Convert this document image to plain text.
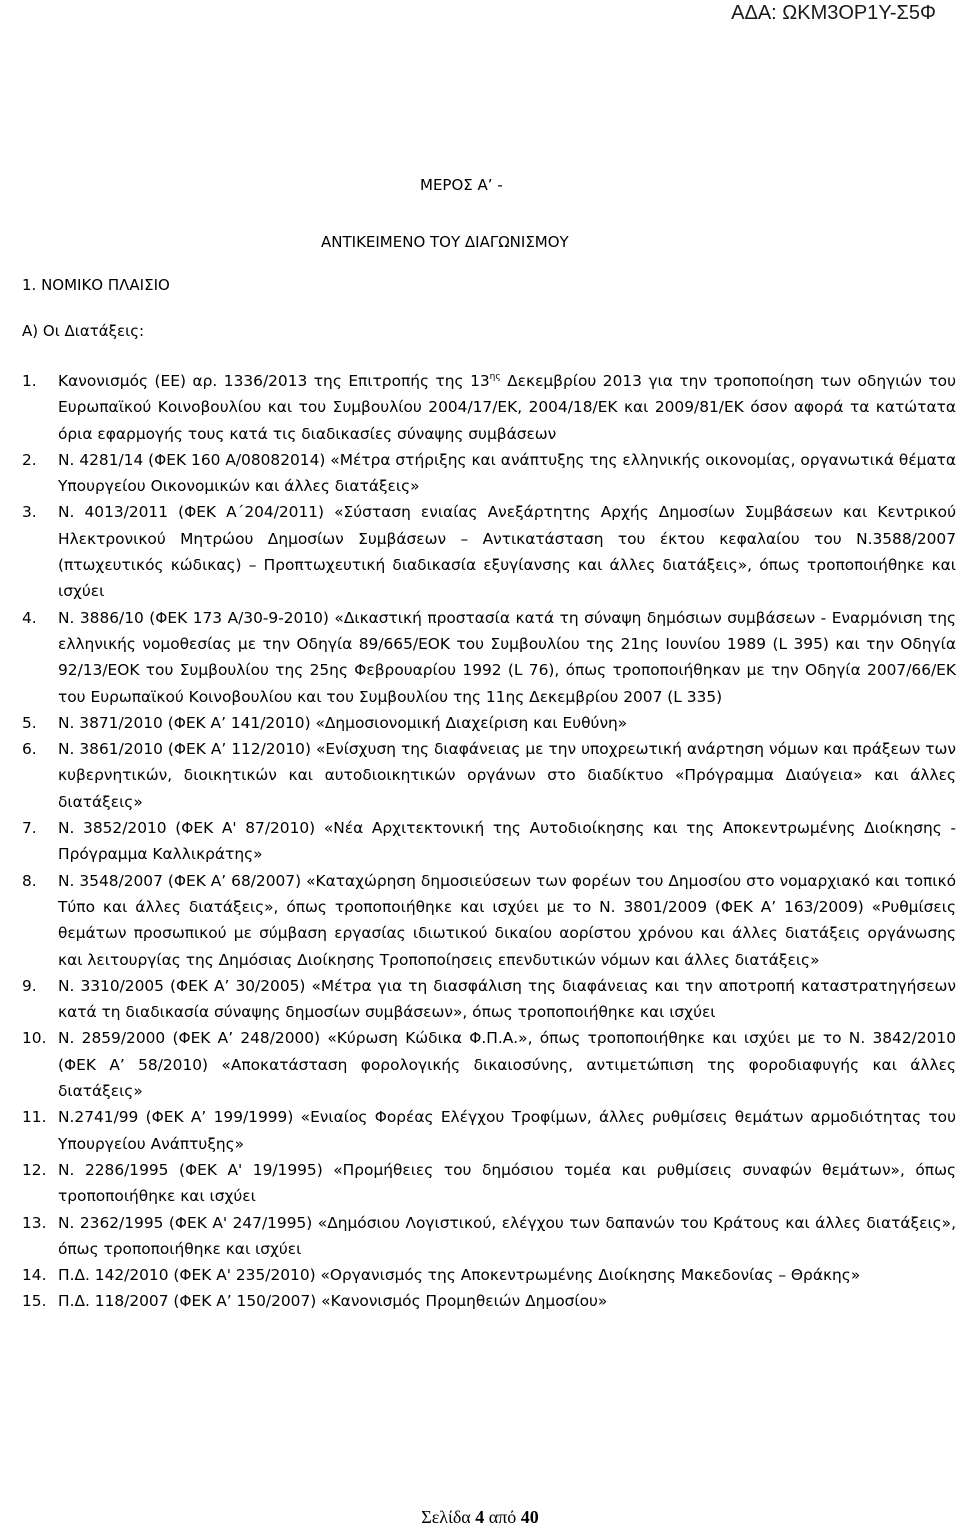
ΑΔΑ: ΩΚΜ3ΟΡ1Υ-Σ5Φ
ΜΕΡΟΣ Α’ -
ΑΝΤΙΚΕΙΜΕΝΟ ΤΟΥ ΔΙΑΓΩΝΙΣΜΟΥ
1. ΝΟΜΙΚΟ ΠΛΑΙΣΙΟ
Α) Οι Διατάξεις:
1. Κανονισμός (ΕΕ) αρ. 1336/2013 της Επιτροπής της $13^{\eta\varsigma}$ Δεκεμβρίου 2013 για την τροποποίηση των οδηγιών του Ευρωπαϊκού Κοινοβουλίου και του Συμβουλίου 2004/17/ΕΚ, 2004/18/ΕΚ και 2009/81/ΕΚ όσον αφορά τα κατώτατα όρια εφαρμογής τους κατά τις διαδικασίες σύναψης συμβάσεων
2. Ν. 4281/14 (ΦΕΚ 160 Α/08082014) «Μέτρα στήριξης και ανάπτυξης της ελληνικής οικονομίας, οργανωτικά θέματα Υπουργείου Οικονομικών και άλλες διατάξεις»
3. Ν. 4013/2011 (ΦΕΚ Α΄204/2011) «Σύσταση ενιαίας Ανεξάρτητης Αρχής Δημοσίων Συμβάσεων και Κεντρικού Ηλεκτρονικού Μητρώου Δημοσίων Συμβάσεων – Αντικατάσταση του έκτου κεφαλαίου του Ν.3588/2007 (πτωχευτικός κώδικας) – Προπτωχευτική διαδικασία εξυγίανσης και άλλες διατάξεις», όπως τροποποιήθηκε και ισχύει
4. Ν. 3886/10 (ΦΕΚ 173 Α/30-9-2010) «Δικαστική προστασία κατά τη σύναψη δημόσιων συμβάσεων - Εναρμόνιση της ελληνικής νομοθεσίας με την Οδηγία 89/665/ΕΟΚ του Συμβουλίου της 21ης Ιουνίου 1989 (L 395) και την Οδηγία 92/13/ΕΟΚ του Συμβουλίου της 25ης Φεβρουαρίου 1992 (L 76), όπως τροποποιήθηκαν με την Οδηγία 2007/66/ΕΚ του Ευρωπαϊκού Κοινοβουλίου και του Συμβουλίου της 11ης Δεκεμβρίου 2007 (L 335)
5. Ν. 3871/2010 (ΦΕΚ Α’ 141/2010) «Δημοσιονομική Διαχείριση και Ευθύνη»
6. Ν. 3861/2010 (ΦΕΚ Α’ 112/2010) «Ενίσχυση της διαφάνειας με την υποχρεωτική ανάρτηση νόμων και πράξεων των κυβερνητικών, διοικητικών και αυτοδιοικητικών οργάνων στο διαδίκτυο «Πρόγραμμα Διαύγεια» και άλλες διατάξεις»
7. Ν. 3852/2010 (ΦΕΚ Α' 87/2010) «Νέα Αρχιτεκτονική της Αυτοδιοίκησης και της Αποκεντρωμένης Διοίκησης - Πρόγραμμα Καλλικράτης»
8. Ν. 3548/2007 (ΦΕΚ Α’ 68/2007) «Καταχώρηση δημοσιεύσεων των φορέων του Δημοσίου στο νομαρχιακό και τοπικό Τύπο και άλλες διατάξεις», όπως τροποποιήθηκε και ισχύει με το Ν. 3801/2009 (ΦΕΚ Α’ 163/2009) «Ρυθμίσεις θεμάτων προσωπικού με σύμβαση εργασίας ιδιωτικού δικαίου αορίστου χρόνου και άλλες διατάξεις οργάνωσης και λειτουργίας της Δημόσιας Διοίκησης Τροποποίησεις επενδυτικών νόμων και άλλες διατάξεις»
9. Ν. 3310/2005 (ΦΕΚ Α’ 30/2005) «Μέτρα για τη διασφάλιση της διαφάνειας και την αποτροπή καταστρατηγήσεων κατά τη διαδικασία σύναψης δημοσίων συμβάσεων», όπως τροποποιήθηκε και ισχύει
10. Ν. 2859/2000 (ΦΕΚ Α’ 248/2000) «Κύρωση Κώδικα Φ.Π.Α.», όπως τροποποιήθηκε και ισχύει με το Ν. 3842/2010 (ΦΕΚ Α’ 58/2010) «Αποκατάσταση φορολογικής δικαιοσύνης, αντιμετώπιση της φοροδιαφυγής και άλλες διατάξεις»
11. Ν.2741/99 (ΦΕΚ Α’ 199/1999) «Ενιαίος Φορέας Ελέγχου Τροφίμων, άλλες ρυθμίσεις θεμάτων αρμοδιότητας του Υπουργείου Ανάπτυξης»
12. Ν. 2286/1995 (ΦΕΚ Α' 19/1995) «Προμήθειες του δημόσιου τομέα και ρυθμίσεις συναφών θεμάτων», όπως τροποποιήθηκε και ισχύει
13. Ν. 2362/1995 (ΦΕΚ Α' 247/1995) «Δημόσιου Λογιστικού, ελέγχου των δαπανών του Κράτους και άλλες διατάξεις», όπως τροποποιήθηκε και ισχύει
14. Π.Δ. 142/2010 (ΦΕΚ Α' 235/2010) «Οργανισμός της Αποκεντρωμένης Διοίκησης Μακεδονίας – Θράκης»
15. Π.Δ. 118/2007 (ΦΕΚ Α’ 150/2007) «Κανονισμός Προμηθειών Δημοσίου»
Σελίδα 4 από 40
